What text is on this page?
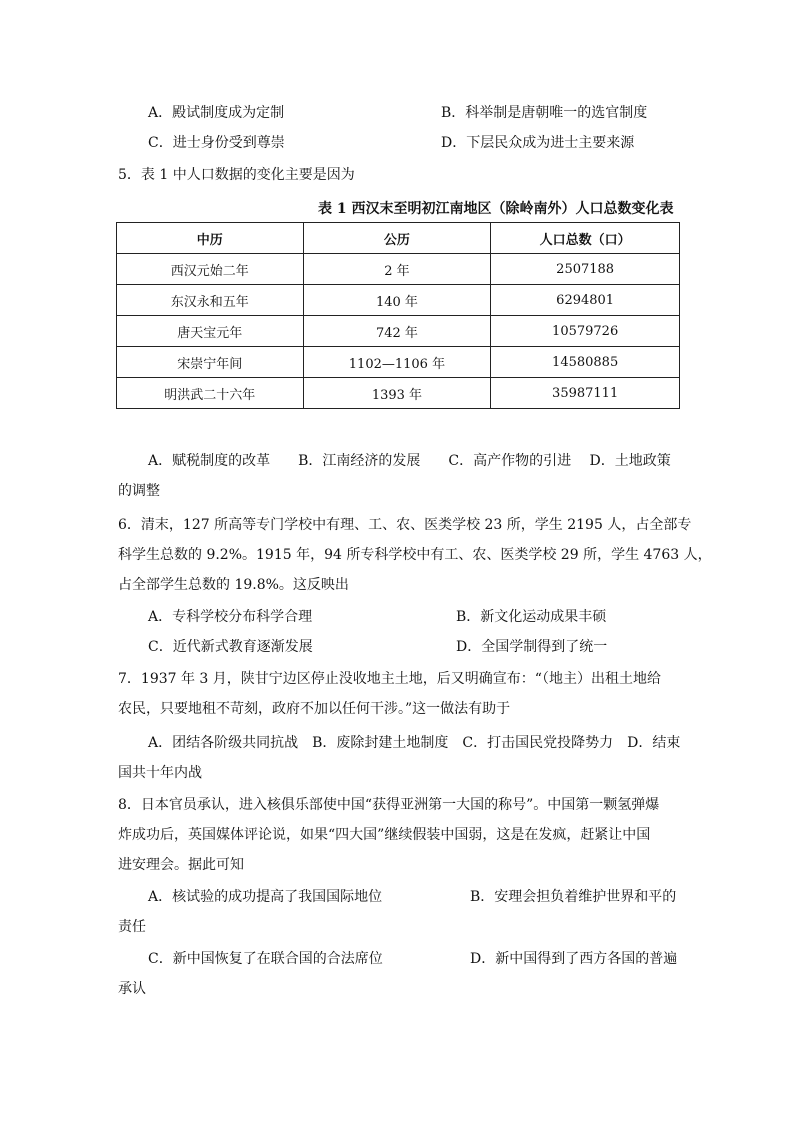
A．殿试制度成为定制	B．科举制是唐朝唯一的选官制度
C．进士身份受到尊崇	D．下层民众成为进士主要来源
5．表 1 中人口数据的变化主要是因为
表 1 西汉末至明初江南地区（除岭南外）人口总数变化表
中历	公历	人口总数（口）
西汉元始二年	2 年	2507188
东汉永和五年	140 年	6294801
唐天宝元年	742 年	10579726
宋崇宁年间	1102—1106 年	14580885
明洪武二十六年	1393 年	35987111
A．赋税制度的改革　　B．江南经济的发展　　C．高产作物的引进　 D．土地政策
的调整
6．清末，127 所高等专门学校中有理、工、农、医类学校 23 所，学生 2195 人，占全部专
科学生总数的 9.2%。1915 年，94 所专科学校中有工、农、医类学校 29 所，学生 4763 人，
占全部学生总数的 19.8%。这反映出
A．专科学校分布科学合理	B．新文化运动成果丰硕
C．近代新式教育逐渐发展	D．全国学制得到了统一
7．1937 年 3 月，陕甘宁边区停止没收地主土地，后又明确宣布：“（地主）出租土地给
农民，只要地租不苛刻，政府不加以任何干涉。”这一做法有助于
A．团结各阶级共同抗战　B．废除封建土地制度　C．打击国民党投降势力　D．结束
国共十年内战
8．日本官员承认，进入核俱乐部使中国“获得亚洲第一大国的称号”。中国第一颗氢弹爆
炸成功后，英国媒体评论说，如果“四大国”继续假装中国弱，这是在发疯，赶紧让中国
进安理会。据此可知
A．核试验的成功提高了我国国际地位	B．安理会担负着维护世界和平的
责任
C．新中国恢复了在联合国的合法席位	D．新中国得到了西方各国的普遍
承认
